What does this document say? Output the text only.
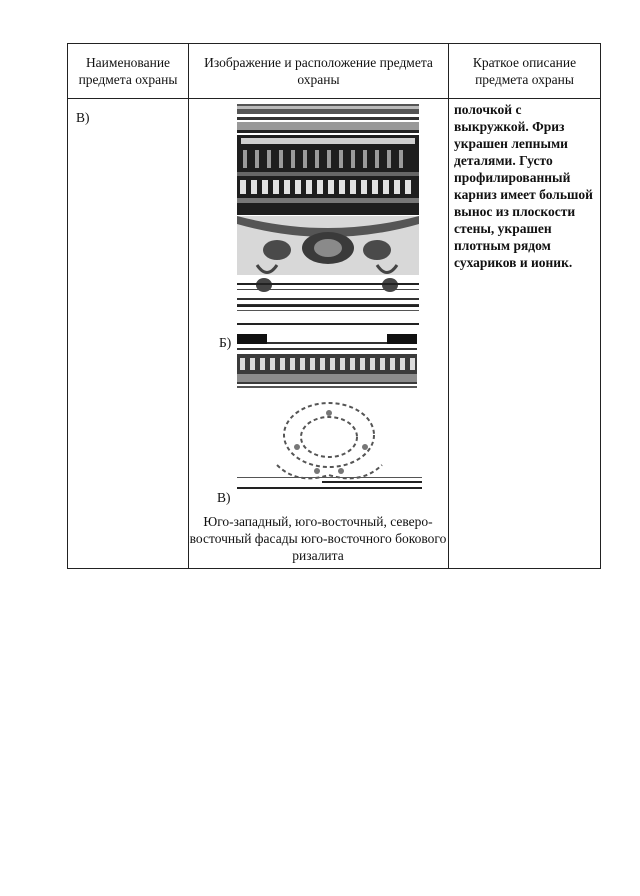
Наименование предмета охраны
Изображение и расположение предмета охраны
Краткое описание предмета охраны
В)
полочкой с выкружкой. Фриз украшен лепными деталями. Густо профилированный карниз имеет большой вынос из плоскости стены, украшен плотным рядом сухариков и ионик.
Б)
В)
Юго-западный, юго-восточный, северо-восточный фасады юго-восточного бокового ризалита
